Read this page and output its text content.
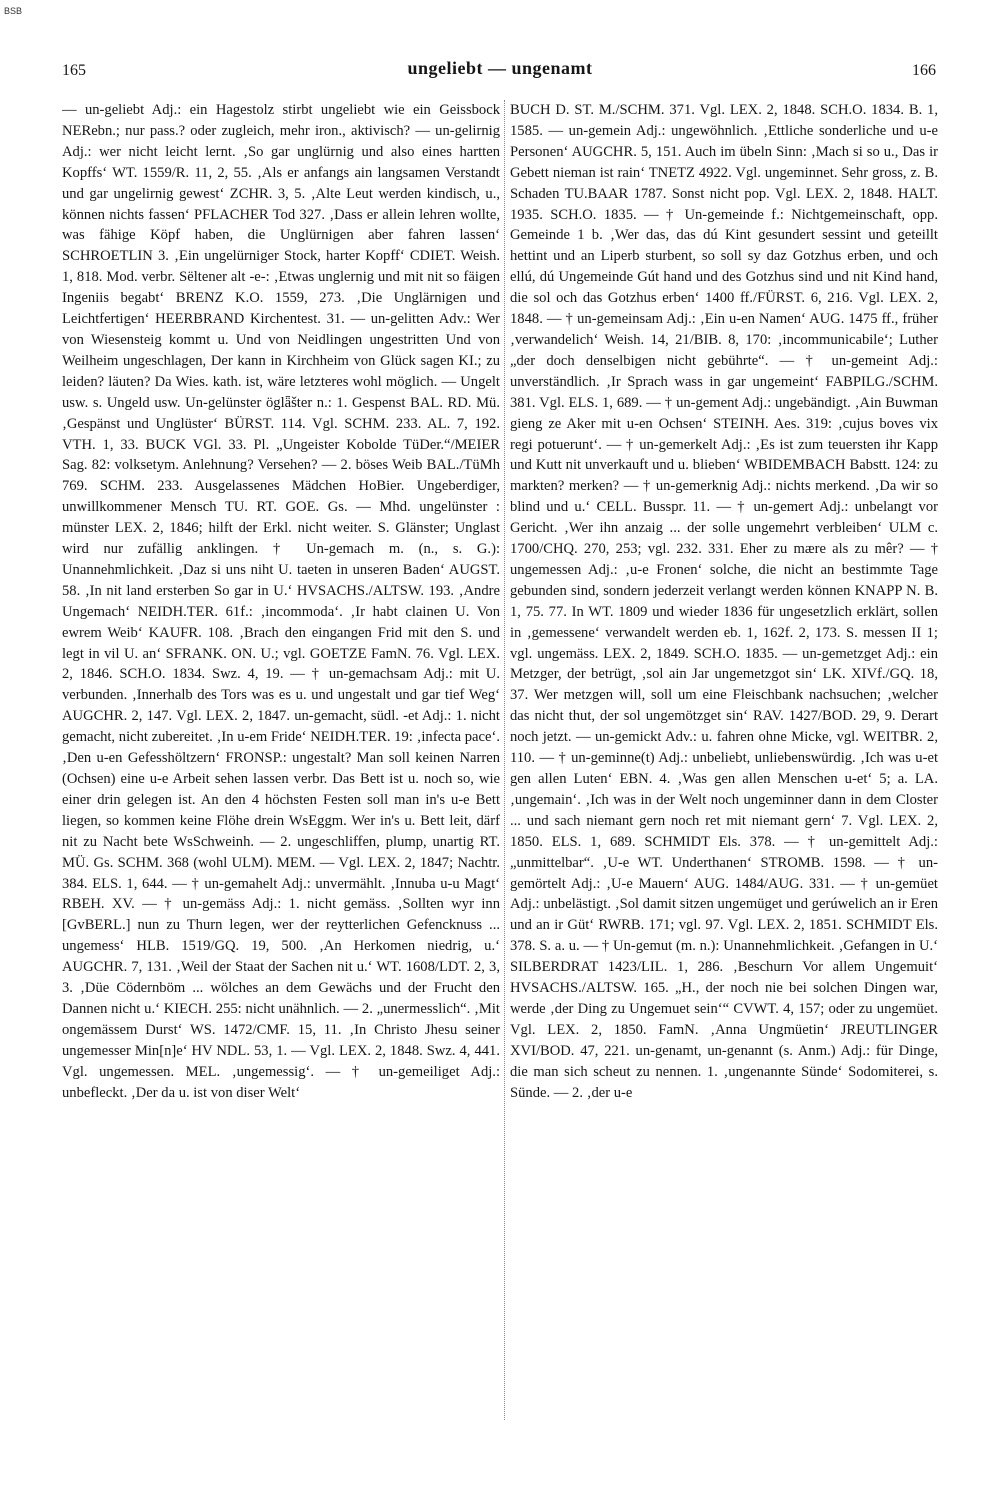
BSB
165	ungeliebt — ungenamt	166

— un-geliebt Adj.: ein Hagestolz stirbt ungeliebt wie ein Geissbock NERebn.; nur pass.? oder zugleich, mehr iron., aktivisch? — un-gelirnig Adj.: wer nicht leicht lernt. ‚So gar unglürnig und also eines hartten Kopffs‘ WT. 1559/R. 11, 2, 55. ‚Als er anfangs ain langsamen Verstandt und gar ungelirnig gewest‘ ZCHR. 3, 5. ‚Alte Leut werden kindisch, u., können nichts fassen‘ PFLACHER Tod 327. ‚Dass er allein lehren wollte, was fähige Köpf haben, die Unglürnigen aber fahren lassen‘ SCHROETLIN 3. ‚Ein ungelürniger Stock, harter Kopff‘ CDIET. Weish. 1, 818. Mod. verbr. Sëltener alt -e-: ‚Etwas unglernig und mit nit so fäigen Ingeniis begabt‘ BRENZ K.O. 1559, 273. ‚Die Unglärnigen und Leichtfertigen‘ HEERBRAND Kirchentest. 31. — un-gelitten Adv.: Wer von Wiesensteig kommt u. Und von Neidlingen ungestritten Und von Weilheim ungeschlagen, Der kann in Kirchheim von Glück sagen KI.; zu leiden? läuten? Da Wies. kath. ist, wäre letzteres wohl möglich. — Ungelt usw. s. Ungeld usw. Un-gelünster öglǟšter n.: 1. Gespenst BAL. RD. Mü. ‚Gespänst und Unglüster‘ BÜRST. 114. Vgl. SCHM. 233. AL. 7, 192. VTH. 1, 33. BUCK VGl. 33. Pl. „Ungeister Kobolde TüDer.“/MEIER Sag. 82: volksetym. Anlehnung? Versehen? — 2. böses Weib BAL./TüMh 769. SCHM. 233. Ausgelassenes Mädchen HoBier. Ungeberdiger, unwillkommener Mensch TU. RT. GOE. Gs. — Mhd. ungelünster : münster LEX. 2, 1846; hilft der Erkl. nicht weiter. S. Glänster; Unglast wird nur zufällig anklingen. † Un-gemach m. (n., s. G.): Unannehmlichkeit. ‚Daz si uns niht U. taeten in unseren Baden‘ AUGST. 58. ‚In nit land ersterben So gar in U.‘ HVSACHS./ALTSW. 193. ‚Andre Ungemach‘ NEIDH.TER. 61f.: ‚incommoda‘. ‚Ir habt clainen U. Von ewrem Weib‘ KAUFR. 108. ‚Brach den eingangen Frid mit den S. und legt in vil U. an‘ SFRANK. ON. U.; vgl. GOETZE FamN. 76. Vgl. LEX. 2, 1846. SCH.O. 1834. Swz. 4, 19. — † un-gemachsam Adj.: mit U. verbunden. ‚Innerhalb des Tors was es u. und ungestalt und gar tief Weg‘ AUGCHR. 2, 147. Vgl. LEX. 2, 1847. un-gemacht, südl. -et Adj.: 1. nicht gemacht, nicht zubereitet. ‚In u-em Fride‘ NEIDH.TER. 19: ‚infecta pace‘. ‚Den u-en Gefesshöltzern‘ FRONSP.: ungestalt? Man soll keinen Narren (Ochsen) eine u-e Arbeit sehen lassen verbr. Das Bett ist u. noch so, wie einer drin gelegen ist. An den 4 höchsten Festen soll man in's u-e Bett liegen, so kommen keine Flöhe drein WsEggm. Wer in's u. Bett leit, därf nit zu Nacht bete WsSchweinh. — 2. ungeschliffen, plump, unartig RT. MÜ. Gs. SCHM. 368 (wohl ULM). MEM. — Vgl. LEX. 2, 1847; Nachtr. 384. ELS. 1, 644. — † un-gemahelt Adj.: unvermählt. ‚Innuba u-u Magt‘ RBEH. XV. — † un-gemäss Adj.: 1. nicht gemäss. ‚Sollten wyr inn [GvBERL.] nun zu Thurn legen, wer der reytterlichen Gefencknuss ... ungemess‘ HLB. 1519/GQ. 19, 500. ‚An Herkomen niedrig, u.‘ AUGCHR. 7, 131. ‚Weil der Staat der Sachen nit u.‘ WT. 1608/LDT. 2, 3, 3. ‚Düe Cödernböm ... wölches an dem Gewächs und der Frucht den Dannen nicht u.‘ KIECH. 255: nicht unähnlich. — 2. „unermesslich“. ‚Mit ongemässem Durst‘ WS. 1472/CMF. 15, 11. ‚In Christo Jhesu seiner ungemesser Min[n]e‘ HV NDL. 53, 1. — Vgl. LEX. 2, 1848. Swz. 4, 441. Vgl. ungemessen. MEL. ‚ungemessig‘. — † un-gemeiliget Adj.: unbefleckt. ‚Der da u. ist von diser Welt‘

BUCH D. ST. M./SCHM. 371. Vgl. LEX. 2, 1848. SCH.O. 1834. B. 1, 1585. — un-gemein Adj.: ungewöhnlich. ‚Ettliche sonderliche und u-e Personen‘ AUGCHR. 5, 151. Auch im übeln Sinn: ‚Mach si so u., Das ir Gebett nieman ist rain‘ TNETZ 4922. Vgl. ungeminnet. Sehr gross, z. B. Schaden TU.BAAR 1787. Sonst nicht pop. Vgl. LEX. 2, 1848. HALT. 1935. SCH.O. 1835. — † Un-gemeinde f.: Nichtgemeinschaft, opp. Gemeinde 1 b. ‚Wer das, das dú Kint gesundert sessint und geteillt hettint und an Liperb sturbent, so soll sy daz Gotzhus erben, und och ellú, dú Ungemeinde Gút hand und des Gotzhus sind und nit Kind hand, die sol och das Gotzhus erben‘ 1400 ff./FÜRST. 6, 216. Vgl. LEX. 2, 1848. — † un-gemeinsam Adj.: ‚Ein u-en Namen‘ AUG. 1475 ff., früher ‚verwandelich‘ Weish. 14, 21/BIB. 8, 170: ‚incommunicabile‘; Luther „der doch denselbigen nicht gebührte“. — † un-gemeint Adj.: unverständlich. ‚Ir Sprach wass in gar ungemeint‘ FABPILG./SCHM. 381. Vgl. ELS. 1, 689. — † un-gement Adj.: ungebändigt. ‚Ain Buwman gieng ze Aker mit u-en Ochsen‘ STEINH. Aes. 319: ‚cujus boves vix regi potuerunt‘. — † un-gemerkelt Adj.: ‚Es ist zum teuersten ihr Kapp und Kutt nit unverkauft und u. blieben‘ WBIDEMBACH Babstt. 124: zu markten? merken? — † un-gemerknig Adj.: nichts merkend. ‚Da wir so blind und u.‘ CELL. Busspr. 11. — † un-gemert Adj.: unbelangt vor Gericht. ‚Wer ihn anzaig ... der solle ungemehrt verbleiben‘ ULM c. 1700/CHQ. 270, 253; vgl. 232. 331. Eher zu mære als zu mêr? — † ungemessen Adj.: ‚u-e Fronen‘ solche, die nicht an bestimmte Tage gebunden sind, sondern jederzeit verlangt werden können KNAPP N. B. 1, 75. 77. In WT. 1809 und wieder 1836 für ungesetzlich erklärt, sollen in ‚gemessene‘ verwandelt werden eb. 1, 162f. 2, 173. S. messen II 1; vgl. ungemäss. LEX. 2, 1849. SCH.O. 1835. — un-gemetzget Adj.: ein Metzger, der betrügt, ‚sol ain Jar ungemetzgot sin‘ LK. XIVf./GQ. 18, 37. Wer metzgen will, soll um eine Fleischbank nachsuchen; ‚welcher das nicht thut, der sol ungemötzget sin‘ RAV. 1427/BOD. 29, 9. Derart noch jetzt. — un-gemickt Adv.: u. fahren ohne Micke, vgl. WEITBR. 2, 110. — † un-geminne(t) Adj.: unbeliebt, unliebenswürdig. ‚Ich was u-et gen allen Luten‘ EBN. 4. ‚Was gen allen Menschen u-et‘ 5; a. LA. ‚ungemain‘. ‚Ich was in der Welt noch ungeminner dann in dem Closter ... und sach niemant gern noch ret mit niemant gern‘ 7. Vgl. LEX. 2, 1850. ELS. 1, 689. SCHMIDT Els. 378. — † un-gemittelt Adj.: „unmittelbar“. ‚U-e WT. Underthanen‘ STROMB. 1598. — † un-gemörtelt Adj.: ‚U-e Mauern‘ AUG. 1484/AUG. 331. — † un-gemüet Adj.: unbelästigt. ‚Sol damit sitzen ungemüget und gerúwelich an ir Eren und an ir Güt‘ RWRB. 171; vgl. 97. Vgl. LEX. 2, 1851. SCHMIDT Els. 378. S. a. u. — † Un-gemut (m. n.): Unannehmlichkeit. ‚Gefangen in U.‘ SILBERDRAT 1423/LIL. 1, 286. ‚Beschurn Vor allem Ungemuit‘ HVSACHS./ALTSW. 165. „H., der noch nie bei solchen Dingen war, werde ‚der Ding zu Ungemuet sein‘“ CVWT. 4, 157; oder zu ungemüet. Vgl. LEX. 2, 1850. FamN. ‚Anna Ungmüetin‘ JREUTLINGER XVI/BOD. 47, 221. un-genamt, un-genannt (s. Anm.) Adj.: für Dinge, die man sich scheut zu nennen. 1. ‚ungenannte Sünde‘ Sodomiterei, s. Sünde. — 2. ‚der u-e
